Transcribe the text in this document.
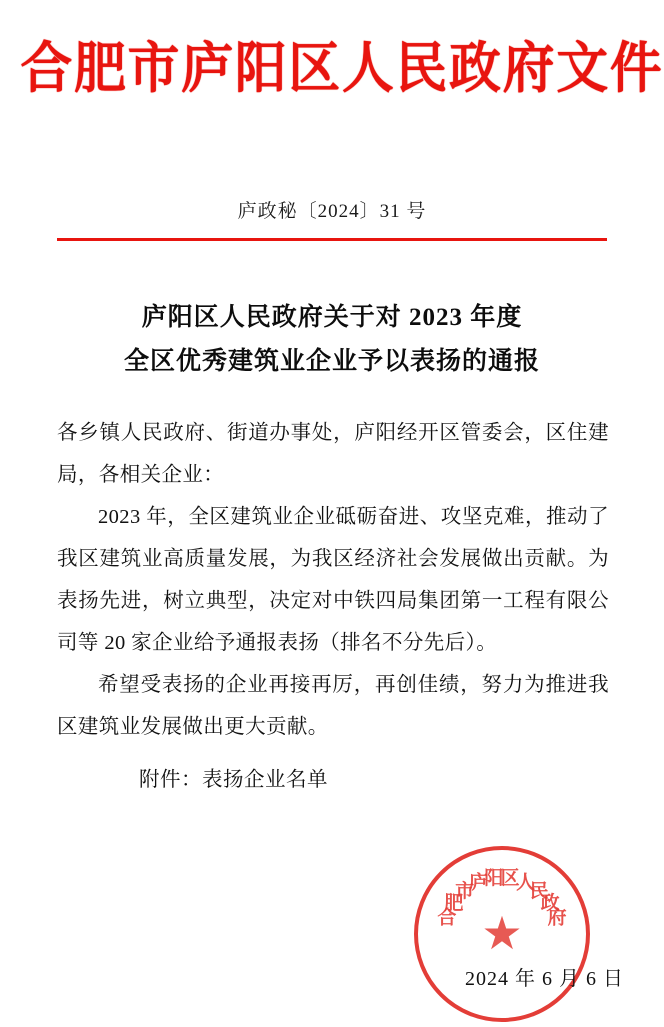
合肥市庐阳区人民政府文件
庐政秘〔2024〕31 号
庐阳区人民政府关于对 2023 年度
全区优秀建筑业企业予以表扬的通报

各乡镇人民政府、街道办事处，庐阳经开区管委会，区住建局，各相关企业：

2023 年，全区建筑业企业砥砺奋进、攻坚克难，推动了我区建筑业高质量发展，为我区经济社会发展做出贡献。为表扬先进，树立典型，决定对中铁四局集团第一工程有限公司等 20 家企业给予通报表扬（排名不分先后）。

希望受表扬的企业再接再厉，再创佳绩，努力为推进我区建筑业发展做出更大贡献。

附件：表扬企业名单
合
肥
市
庐
阳
区
人
民
政
府
★
2024 年 6 月 6 日
